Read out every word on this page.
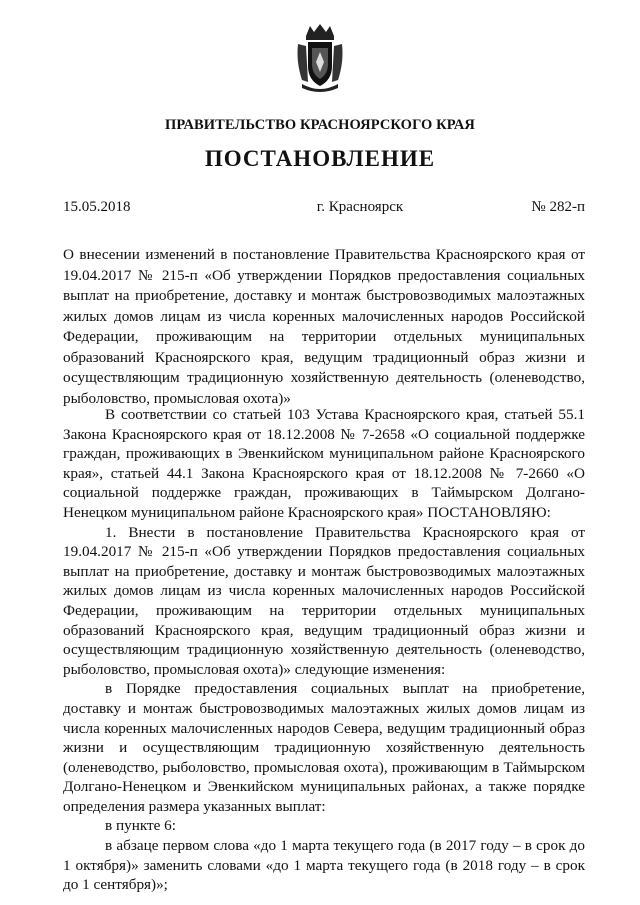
ПРАВИТЕЛЬСТВО КРАСНОЯРСКОГО КРАЯ
ПОСТАНОВЛЕНИЕ
15.05.2018	г. Красноярск	№ 282-п

О внесении изменений в постановление Правительства Красноярского края от 19.04.2017 № 215-п «Об утверждении Порядков предоставления социальных выплат на приобретение, доставку и монтаж быстровозводимых малоэтажных жилых домов лицам из числа коренных малочисленных народов Российской Федерации, проживающим на территории отдельных муниципальных образований Красноярского края, ведущим традиционный образ жизни и осуществляющим традиционную хозяйственную деятельность (оленеводство, рыболовство, промысловая охота)»

В соответствии со статьей 103 Устава Красноярского края, статьей 55.1 Закона Красноярского края от 18.12.2008 № 7-2658 «О социальной поддержке граждан, проживающих в Эвенкийском муниципальном районе Красноярского края», статьей 44.1 Закона Красноярского края от 18.12.2008 № 7-2660 «О социальной поддержке граждан, проживающих в Таймырском Долгано-Ненецком муниципальном районе Красноярского края» ПОСТАНОВЛЯЮ:

1. Внести в постановление Правительства Красноярского края от 19.04.2017 № 215-п «Об утверждении Порядков предоставления социальных выплат на приобретение, доставку и монтаж быстровозводимых малоэтажных жилых домов лицам из числа коренных малочисленных народов Российской Федерации, проживающим на территории отдельных муниципальных образований Красноярского края, ведущим традиционный образ жизни и осуществляющим традиционную хозяйственную деятельность (оленеводство, рыболовство, промысловая охота)» следующие изменения:

в Порядке предоставления социальных выплат на приобретение, доставку и монтаж быстровозводимых малоэтажных жилых домов лицам из числа коренных малочисленных народов Севера, ведущим традиционный образ жизни и осуществляющим традиционную хозяйственную деятельность (оленеводство, рыболовство, промысловая охота), проживающим в Таймырском Долгано-Ненецком и Эвенкийском муниципальных районах, а также порядке определения размера указанных выплат:

в пункте 6:

в абзаце первом слова «до 1 марта текущего года (в 2017 году – в срок до 1 октября)» заменить словами «до 1 марта текущего года (в 2018 году – в срок до 1 сентября)»;
